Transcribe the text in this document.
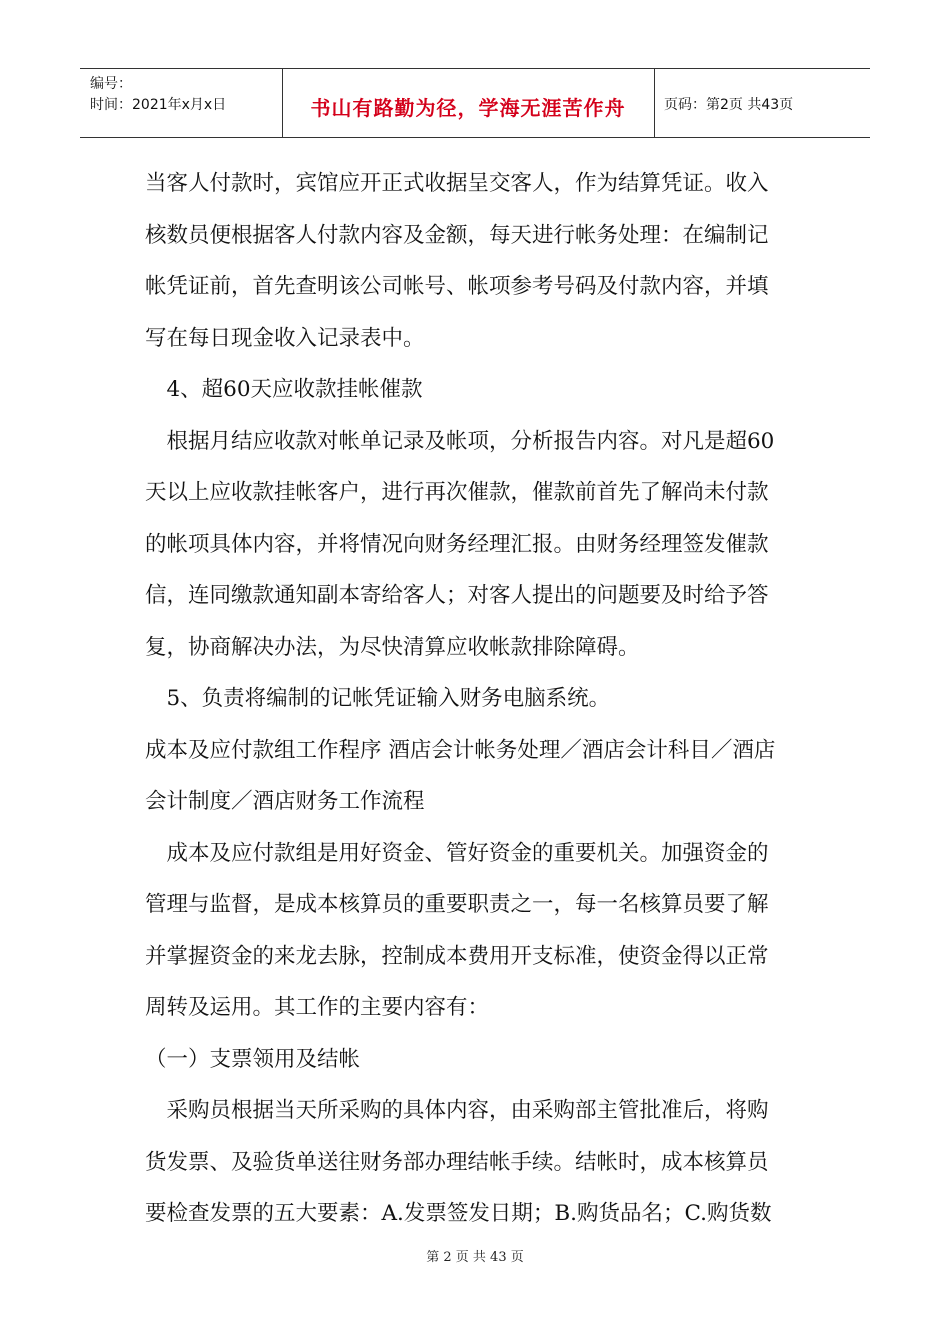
编号：
时间：2021年x月x日	书山有路勤为径，学海无涯苦作舟	页码：第2页 共43页

当客人付款时，宾馆应开正式收据呈交客人，作为结算凭证。收入

核数员便根据客人付款内容及金额，每天进行帐务处理：在编制记

帐凭证前，首先查明该公司帐号、帐项参考号码及付款内容，并填

写在每日现金收入记录表中。

　4、超60天应收款挂帐催款

　根据月结应收款对帐单记录及帐项，分析报告内容。对凡是超60

天以上应收款挂帐客户，进行再次催款，催款前首先了解尚未付款

的帐项具体内容，并将情况向财务经理汇报。由财务经理签发催款

信，连同缴款通知副本寄给客人；对客人提出的问题要及时给予答

复，协商解决办法，为尽快清算应收帐款排除障碍。

　5、负责将编制的记帐凭证输入财务电脑系统。

成本及应付款组工作程序 酒店会计帐务处理／酒店会计科目／酒店

会计制度／酒店财务工作流程

　成本及应付款组是用好资金、管好资金的重要机关。加强资金的

管理与监督，是成本核算员的重要职责之一，每一名核算员要了解

并掌握资金的来龙去脉，控制成本费用开支标准，使资金得以正常

周转及运用。其工作的主要内容有：

（一）支票领用及结帐

　采购员根据当天所采购的具体内容，由采购部主管批准后，将购

货发票、及验货单送往财务部办理结帐手续。结帐时，成本核算员

要检查发票的五大要素：A.发票签发日期；B.购货品名；C.购货数

第 2 页 共 43 页
